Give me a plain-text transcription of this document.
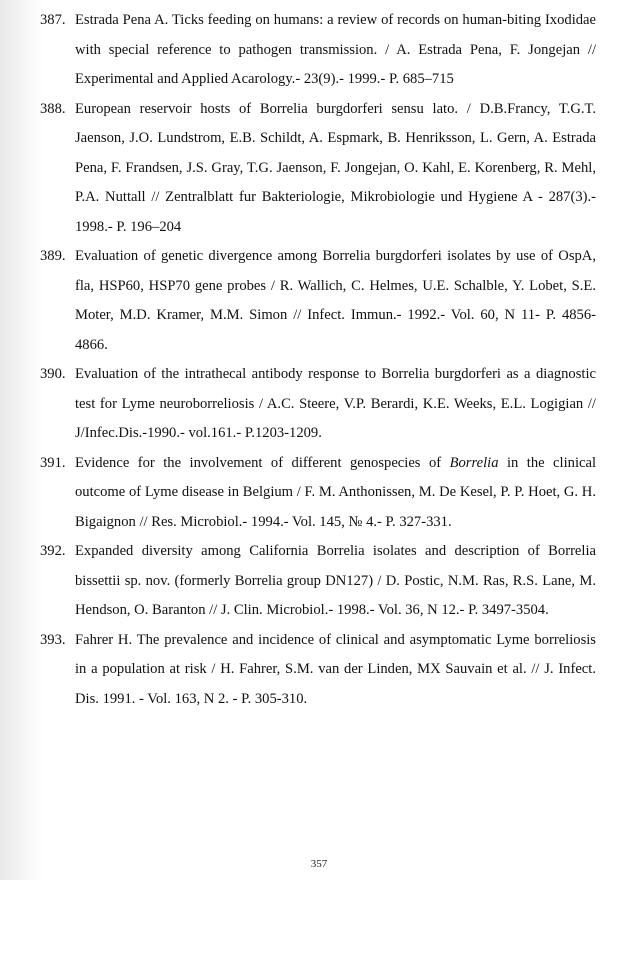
387. Estrada Pena A. Ticks feeding on humans: a review of records on human-biting Ixodidae with special reference to pathogen transmission. / A. Estrada Pena, F. Jongejan // Experimental and Applied Acarology.- 23(9).- 1999.- P. 685–715
388. European reservoir hosts of Borrelia burgdorferi sensu lato. / D.B.Francy, T.G.T. Jaenson, J.O. Lundstrom, E.B. Schildt, A. Espmark, B. Henriksson, L. Gern, A. Estrada Pena, F. Frandsen, J.S. Gray, T.G. Jaenson, F. Jongejan, O. Kahl, E. Korenberg, R. Mehl, P.A. Nuttall // Zentralblatt fur Bakteriologie, Mikrobiologie und Hygiene A - 287(3).- 1998.- P. 196–204
389. Evaluation of genetic divergence among Borrelia burgdorferi isolates by use of OspA, fla, HSP60, HSP70 gene probes / R. Wallich, C. Helmes, U.E. Schalble, Y. Lobet, S.E. Moter, M.D. Kramer, M.M. Simon // Infect. Immun.- 1992.- Vol. 60, N 11- P. 4856-4866.
390. Evaluation of the intrathecal antibody response to Borrelia burgdorferi as a diagnostic test for Lyme neuroborreliosis / A.C. Steere, V.P. Berardi, K.E. Weeks, E.L. Logigian // J/Infec.Dis.-1990.- vol.161.- P.1203-1209.
391. Evidence for the involvement of different genospecies of Borrelia in the clinical outcome of Lyme disease in Belgium / F. M. Anthonissen, M. De Kesel, P. P. Hoet, G. H. Bigaignon // Res. Microbiol.- 1994.- Vol. 145, № 4.- P. 327-331.
392. Expanded diversity among California Borrelia isolates and description of Borrelia bissettii sp. nov. (formerly Borrelia group DN127) / D. Postic, N.M. Ras, R.S. Lane, M. Hendson, O. Baranton // J. Clin. Microbiol.- 1998.- Vol. 36, N 12.- P. 3497-3504.
393. Fahrer H. The prevalence and incidence of clinical and asymptomatic Lyme borreliosis in a population at risk / H. Fahrer, S.M. van der Linden, MX Sauvain et al. // J. Infect. Dis. 1991. - Vol. 163, N 2. - P. 305-310.
357
